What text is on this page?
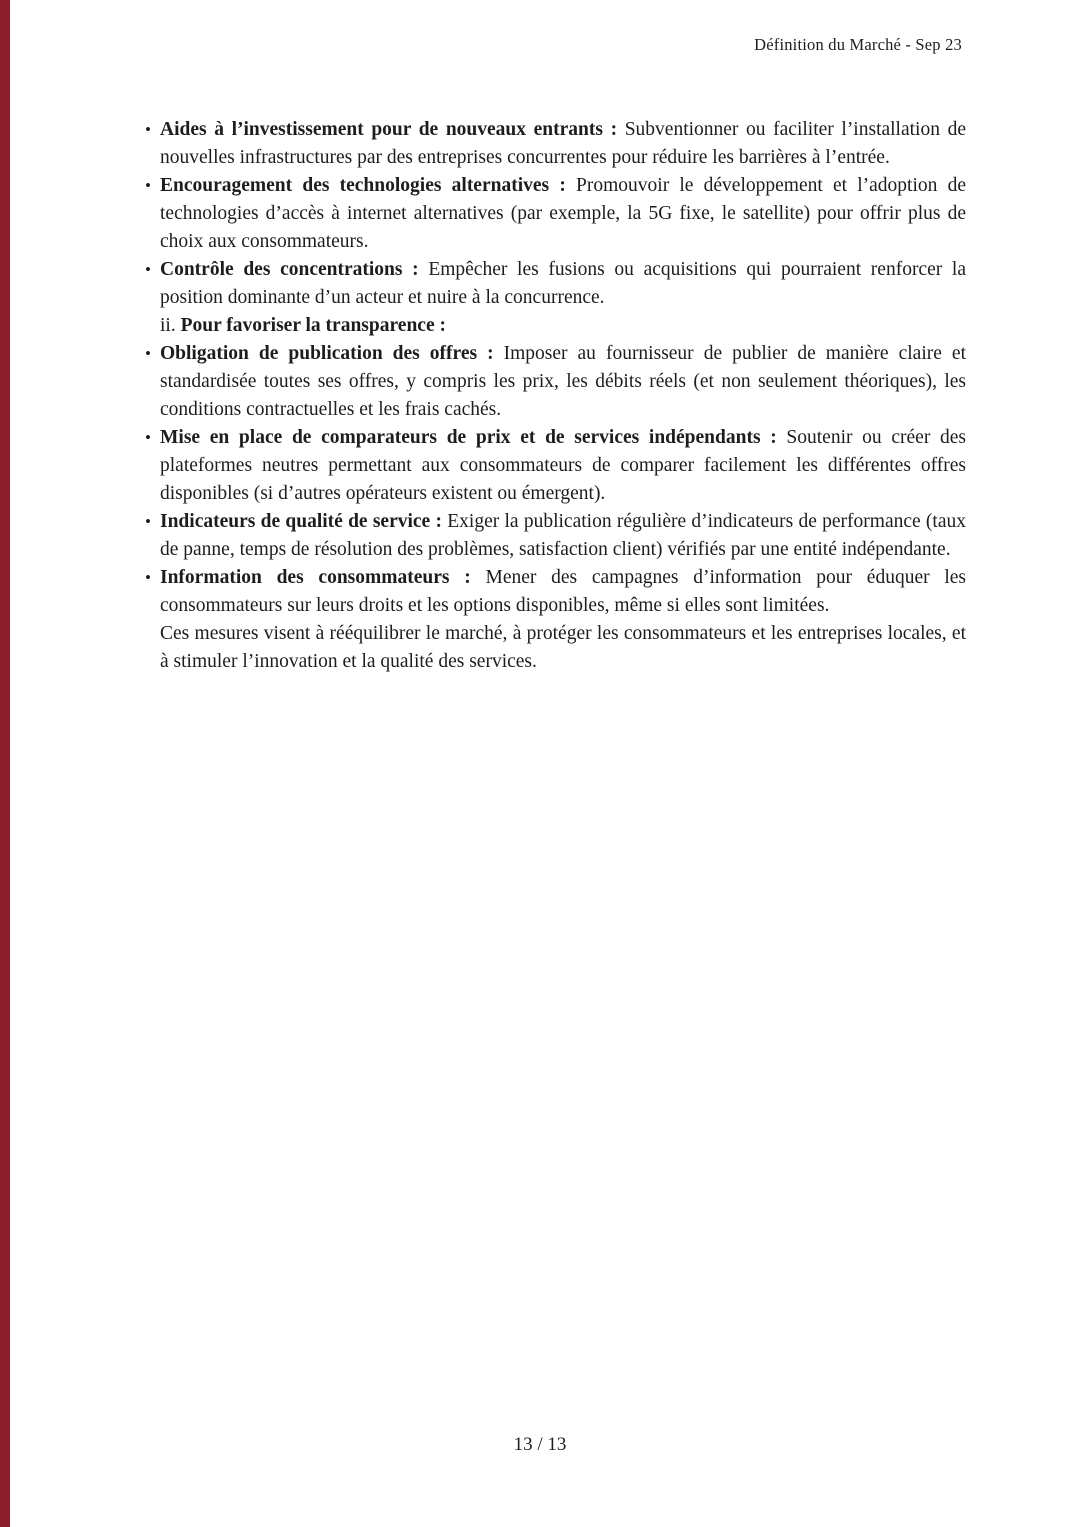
Définition du Marché - Sep 23
• Aides à l’investissement pour de nouveaux entrants : Subventionner ou faciliter l’installation de nouvelles infrastructures par des entreprises concurrentes pour réduire les barrières à l’entrée.
• Encouragement des technologies alternatives : Promouvoir le développement et l’adoption de technologies d’accès à internet alternatives (par exemple, la 5G fixe, le satellite) pour offrir plus de choix aux consommateurs.
• Contrôle des concentrations : Empêcher les fusions ou acquisitions qui pourraient renforcer la position dominante d’un acteur et nuire à la concurrence.
ii. Pour favoriser la transparence :
• Obligation de publication des offres : Imposer au fournisseur de publier de manière claire et standardisée toutes ses offres, y compris les prix, les débits réels (et non seulement théoriques), les conditions contractuelles et les frais cachés.
• Mise en place de comparateurs de prix et de services indépendants : Soutenir ou créer des plateformes neutres permettant aux consommateurs de comparer facilement les différentes offres disponibles (si d’autres opérateurs existent ou émergent).
• Indicateurs de qualité de service : Exiger la publication régulière d’indicateurs de performance (taux de panne, temps de résolution des problèmes, satisfaction client) vérifiés par une entité indépendante.
• Information des consommateurs : Mener des campagnes d’information pour éduquer les consommateurs sur leurs droits et les options disponibles, même si elles sont limitées.
Ces mesures visent à rééquilibrer le marché, à protéger les consommateurs et les entreprises locales, et à stimuler l’innovation et la qualité des services.
13 / 13
